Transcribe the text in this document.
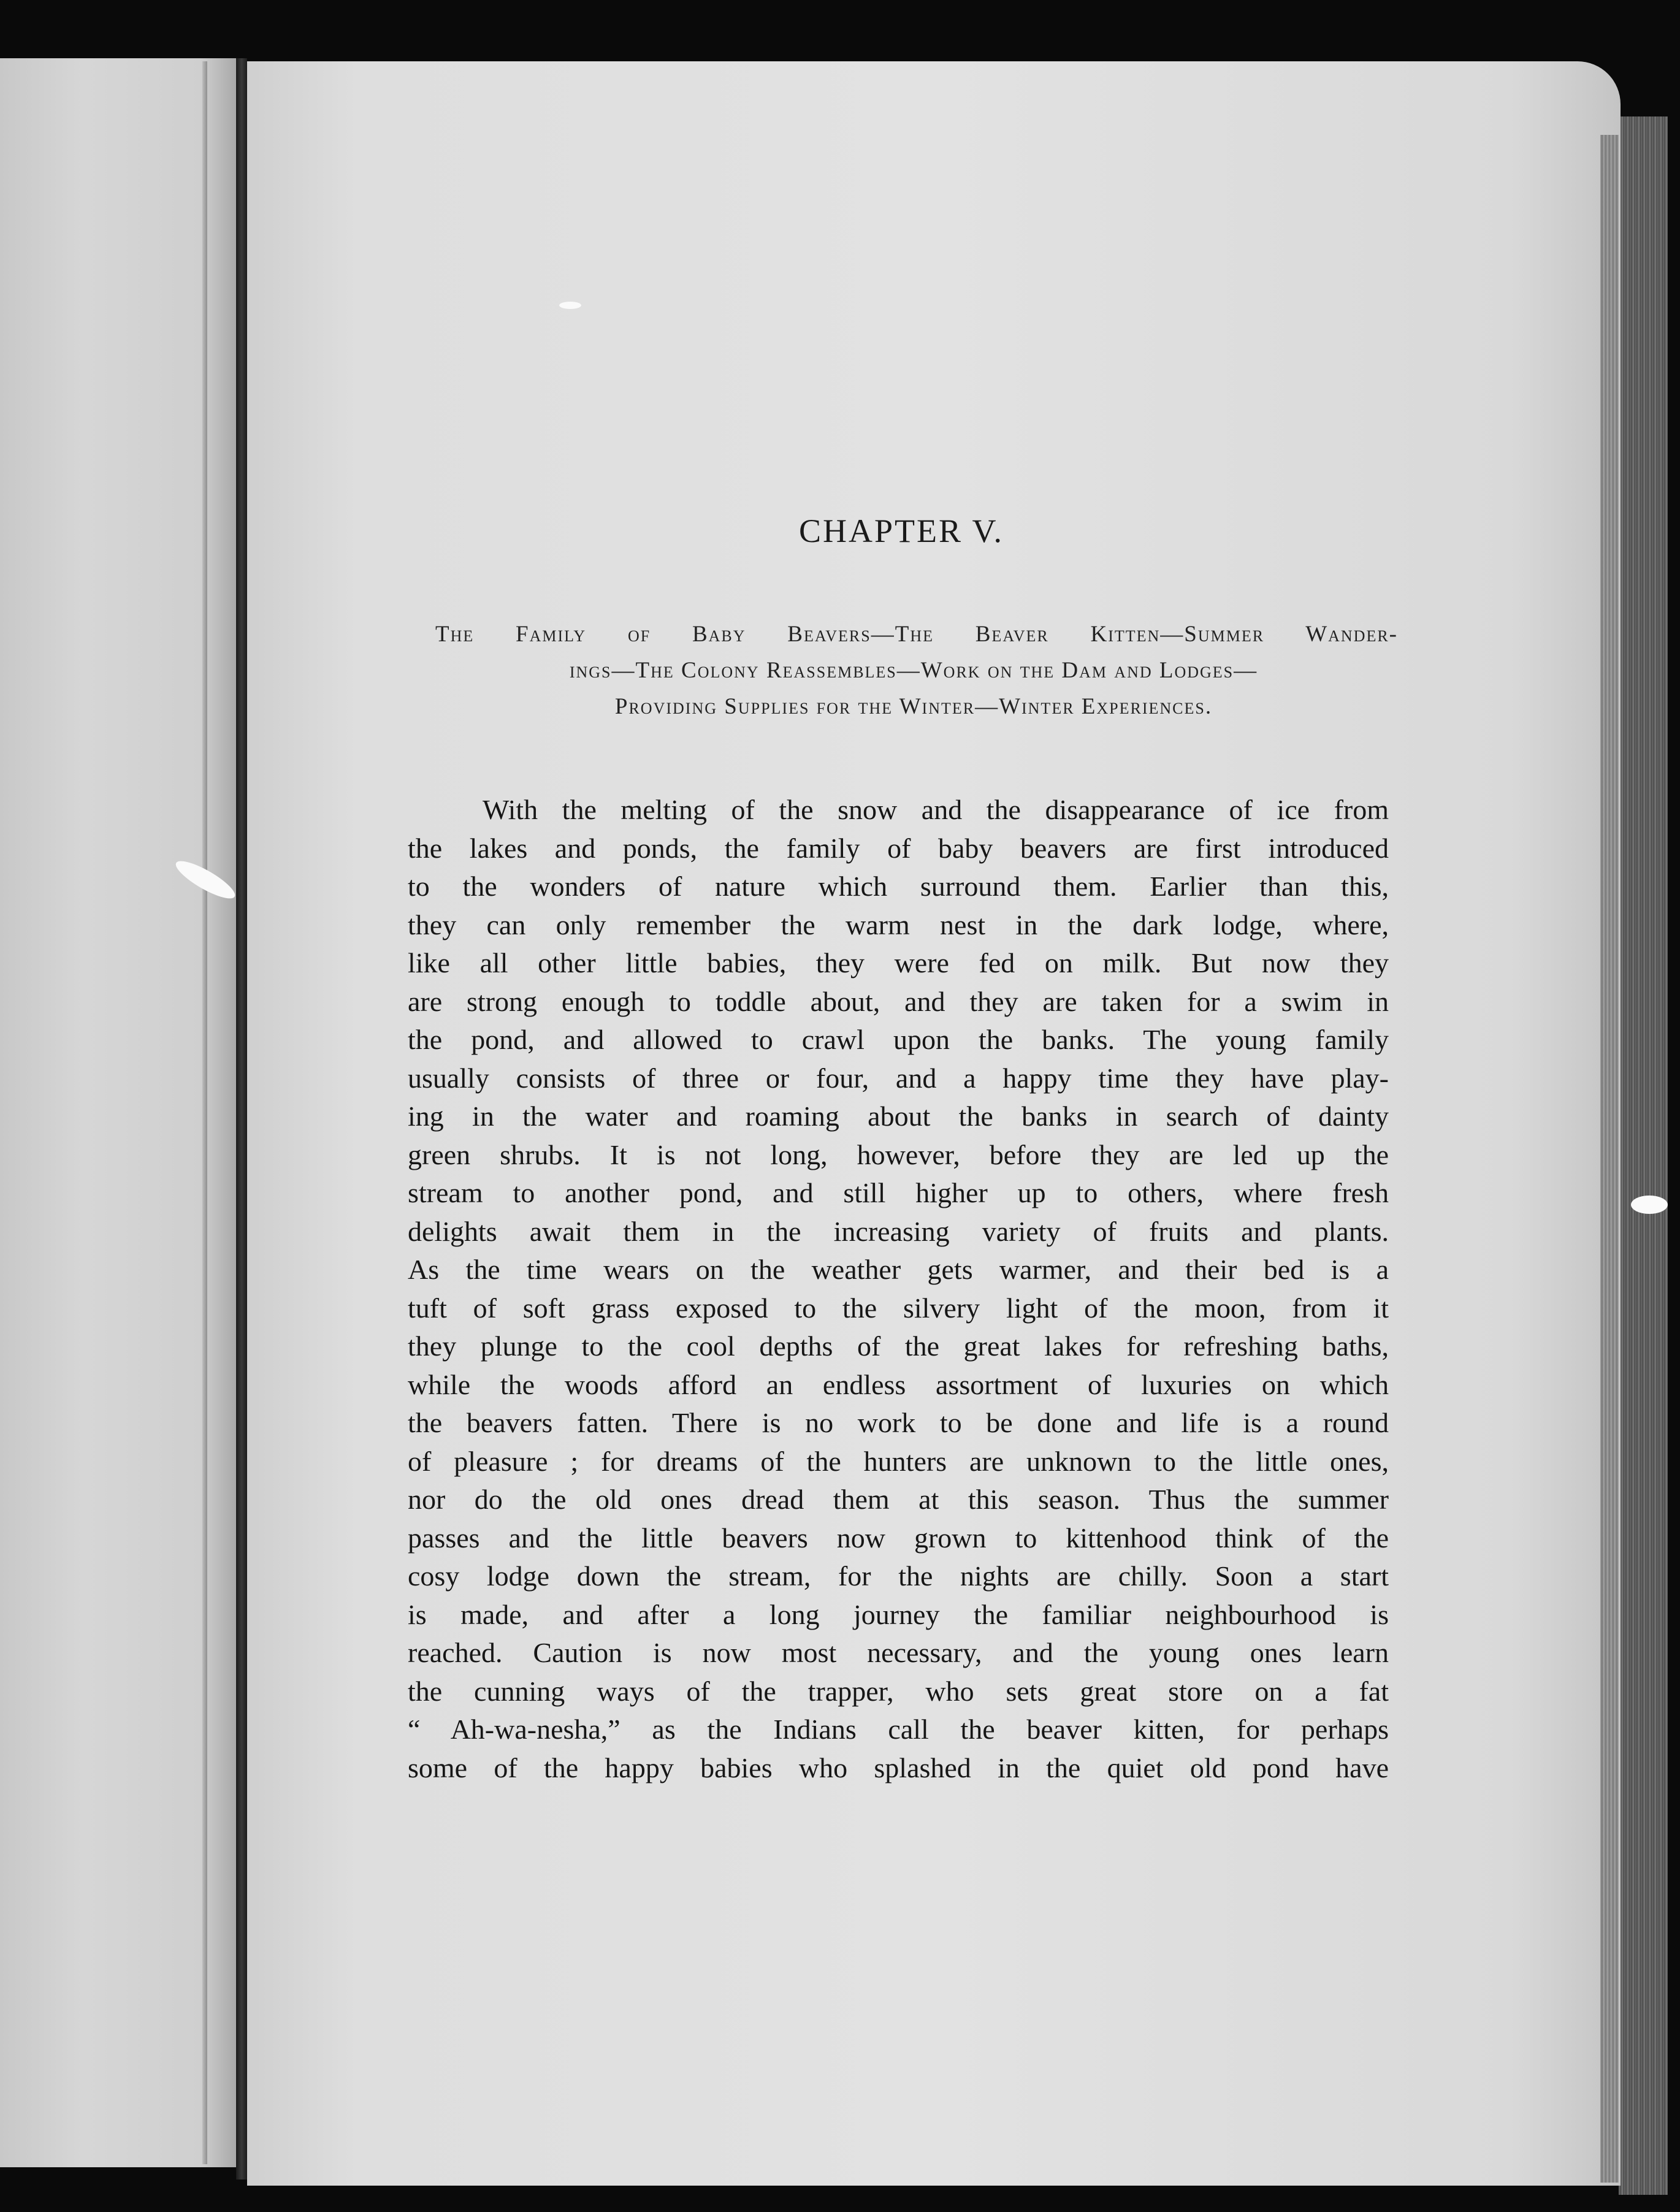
CHAPTER V.
The Family of Baby Beavers—The Beaver Kitten—Summer Wander-
ings—The Colony Reassembles—Work on the Dam and Lodges—
Providing Supplies for the Winter—Winter Experiences.
With the melting of the snow and the disappearance of ice from
the lakes and ponds, the family of baby beavers are first introduced
to the wonders of nature which surround them. Earlier than this,
they can only remember the warm nest in the dark lodge, where,
like all other little babies, they were fed on milk. But now they
are strong enough to toddle about, and they are taken for a swim in
the pond, and allowed to crawl upon the banks. The young family
usually consists of three or four, and a happy time they have play-
ing in the water and roaming about the banks in search of dainty
green shrubs. It is not long, however, before they are led up the
stream to another pond, and still higher up to others, where fresh
delights await them in the increasing variety of fruits and plants.
As the time wears on the weather gets warmer, and their bed is a
tuft of soft grass exposed to the silvery light of the moon, from it
they plunge to the cool depths of the great lakes for refreshing baths,
while the woods afford an endless assortment of luxuries on which
the beavers fatten. There is no work to be done and life is a round
of pleasure ; for dreams of the hunters are unknown to the little ones,
nor do the old ones dread them at this season. Thus the summer
passes and the little beavers now grown to kittenhood think of the
cosy lodge down the stream, for the nights are chilly. Soon a start
is made, and after a long journey the familiar neighbourhood is
reached. Caution is now most necessary, and the young ones learn
the cunning ways of the trapper, who sets great store on a fat
“ Ah-wa-nesha,” as the Indians call the beaver kitten, for perhaps
some of the happy babies who splashed in the quiet old pond have
